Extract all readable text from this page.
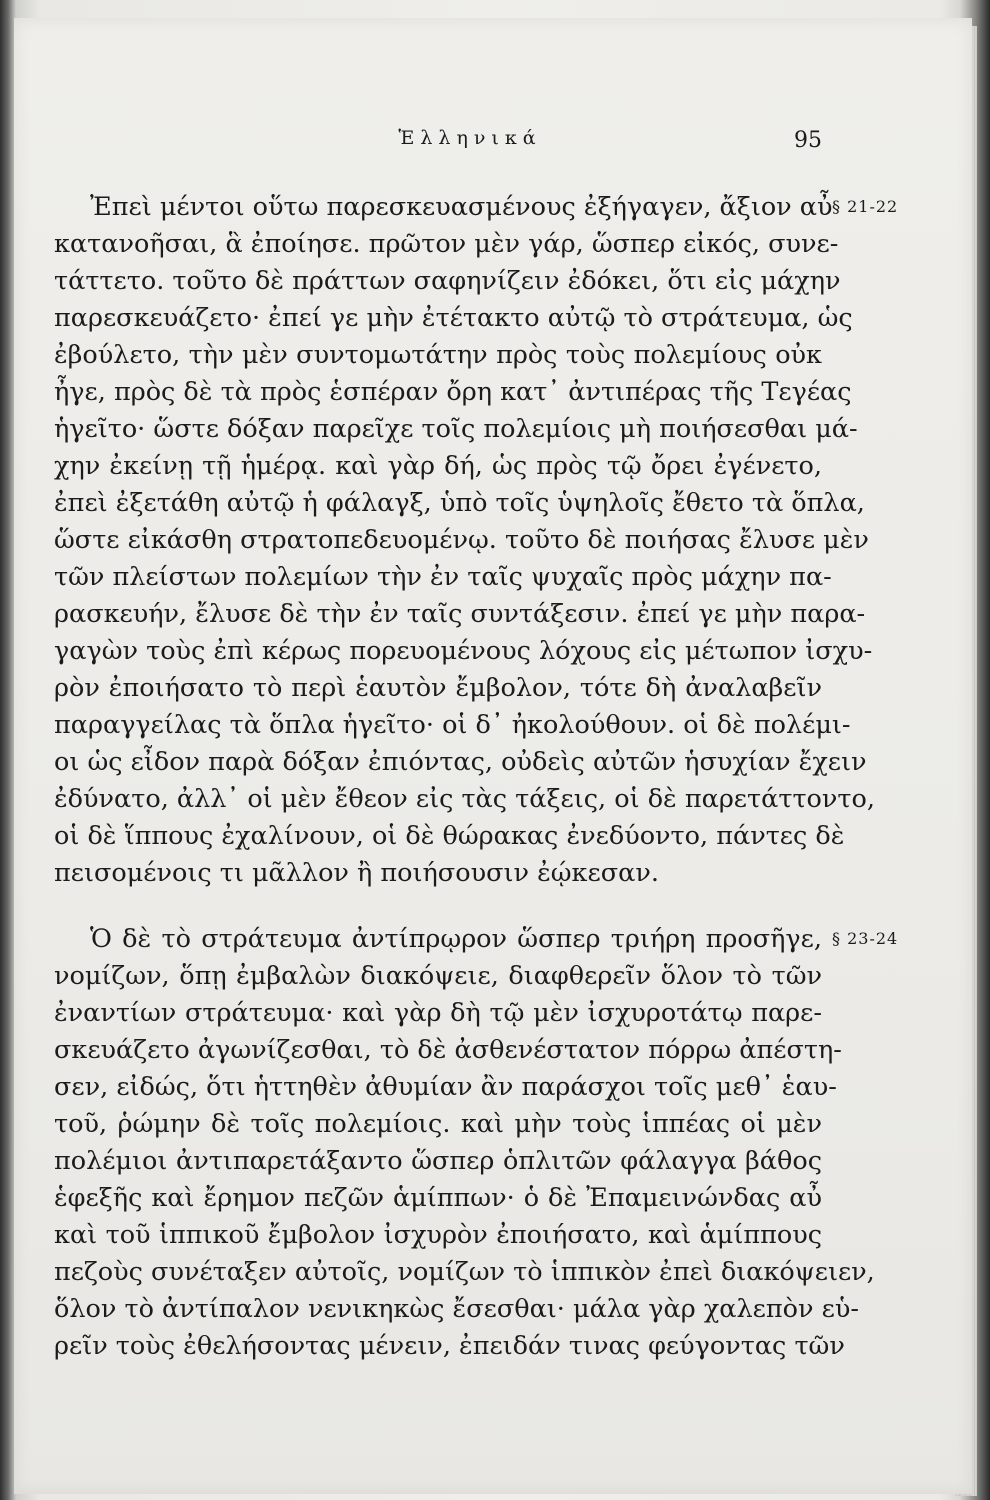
Ἑλληνικά	95
§ 21-22
§ 23-24
Ἐπεὶ μέντοι οὕτω παρεσκευασμένους ἐξήγαγεν, ἄξιον αὖ
κατανοῆσαι, ἃ ἐποίησε. πρῶτον μὲν γάρ, ὥσπερ εἰκός, συνε-
τάττετο. τοῦτο δὲ πράττων σαφηνίζειν ἐδόκει, ὅτι εἰς μάχην
παρεσκευάζετο· ἐπεί γε μὴν ἐτέτακτο αὐτῷ τὸ στράτευμα, ὡς
ἐβούλετο, τὴν μὲν συντομωτάτην πρὸς τοὺς πολεμίους οὐκ
ἦγε, πρὸς δὲ τὰ πρὸς ἑσπέραν ὄρη κατ᾽ ἀντιπέρας τῆς Τεγέας
ἡγεῖτο· ὥστε δόξαν παρεῖχε τοῖς πολεμίοις μὴ ποιήσεσθαι μά-
χην ἐκείνῃ τῇ ἡμέρᾳ. καὶ γὰρ δή, ὡς πρὸς τῷ ὄρει ἐγένετο,
ἐπεὶ ἐξετάθη αὐτῷ ἡ φάλαγξ, ὑπὸ τοῖς ὑψηλοῖς ἔθετο τὰ ὅπλα,
ὥστε εἰκάσθη στρατοπεδευομένῳ. τοῦτο δὲ ποιήσας ἔλυσε μὲν
τῶν πλείστων πολεμίων τὴν ἐν ταῖς ψυχαῖς πρὸς μάχην πα-
ρασκευήν, ἔλυσε δὲ τὴν ἐν ταῖς συντάξεσιν. ἐπεί γε μὴν παρα-
γαγὼν τοὺς ἐπὶ κέρως πορευομένους λόχους εἰς μέτωπον ἰσχυ-
ρὸν ἐποιήσατο τὸ περὶ ἑαυτὸν ἔμβολον, τότε δὴ ἀναλαβεῖν
παραγγείλας τὰ ὅπλα ἡγεῖτο· οἱ δ᾽ ἠκολούθουν. οἱ δὲ πολέμι-
οι ὡς εἶδον παρὰ δόξαν ἐπιόντας, οὐδεὶς αὐτῶν ἡσυχίαν ἔχειν
ἐδύνατο, ἀλλ᾽ οἱ μὲν ἔθεον εἰς τὰς τάξεις, οἱ δὲ παρετάττοντο,
οἱ δὲ ἵππους ἐχαλίνουν, οἱ δὲ θώρακας ἐνεδύοντο, πάντες δὲ
πεισομένοις τι μᾶλλον ἢ ποιήσουσιν ἐῴκεσαν.
Ὁ δὲ τὸ στράτευμα ἀντίπρῳρον ὥσπερ τριήρη προσῆγε,
νομίζων, ὅπῃ ἐμβαλὼν διακόψειε, διαφθερεῖν ὅλον τὸ τῶν
ἐναντίων στράτευμα· καὶ γὰρ δὴ τῷ μὲν ἰσχυροτάτῳ παρε-
σκευάζετο ἀγωνίζεσθαι, τὸ δὲ ἀσθενέστατον πόρρω ἀπέστη-
σεν, εἰδώς, ὅτι ἡττηθὲν ἀθυμίαν ἂν παράσχοι τοῖς μεθ᾽ ἑαυ-
τοῦ, ῥώμην δὲ τοῖς πολεμίοις. καὶ μὴν τοὺς ἱππέας οἱ μὲν
πολέμιοι ἀντιπαρετάξαντο ὥσπερ ὁπλιτῶν φάλαγγα βάθος
ἑφεξῆς καὶ ἔρημον πεζῶν ἁμίππων· ὁ δὲ Ἐπαμεινώνδας αὖ
καὶ τοῦ ἱππικοῦ ἔμβολον ἰσχυρὸν ἐποιήσατο, καὶ ἁμίππους
πεζοὺς συνέταξεν αὐτοῖς, νομίζων τὸ ἱππικὸν ἐπεὶ διακόψειεν,
ὅλον τὸ ἀντίπαλον νενικηκὼς ἔσεσθαι· μάλα γὰρ χαλεπὸν εὑ-
ρεῖν τοὺς ἐθελήσοντας μένειν, ἐπειδάν τινας φεύγοντας τῶν
